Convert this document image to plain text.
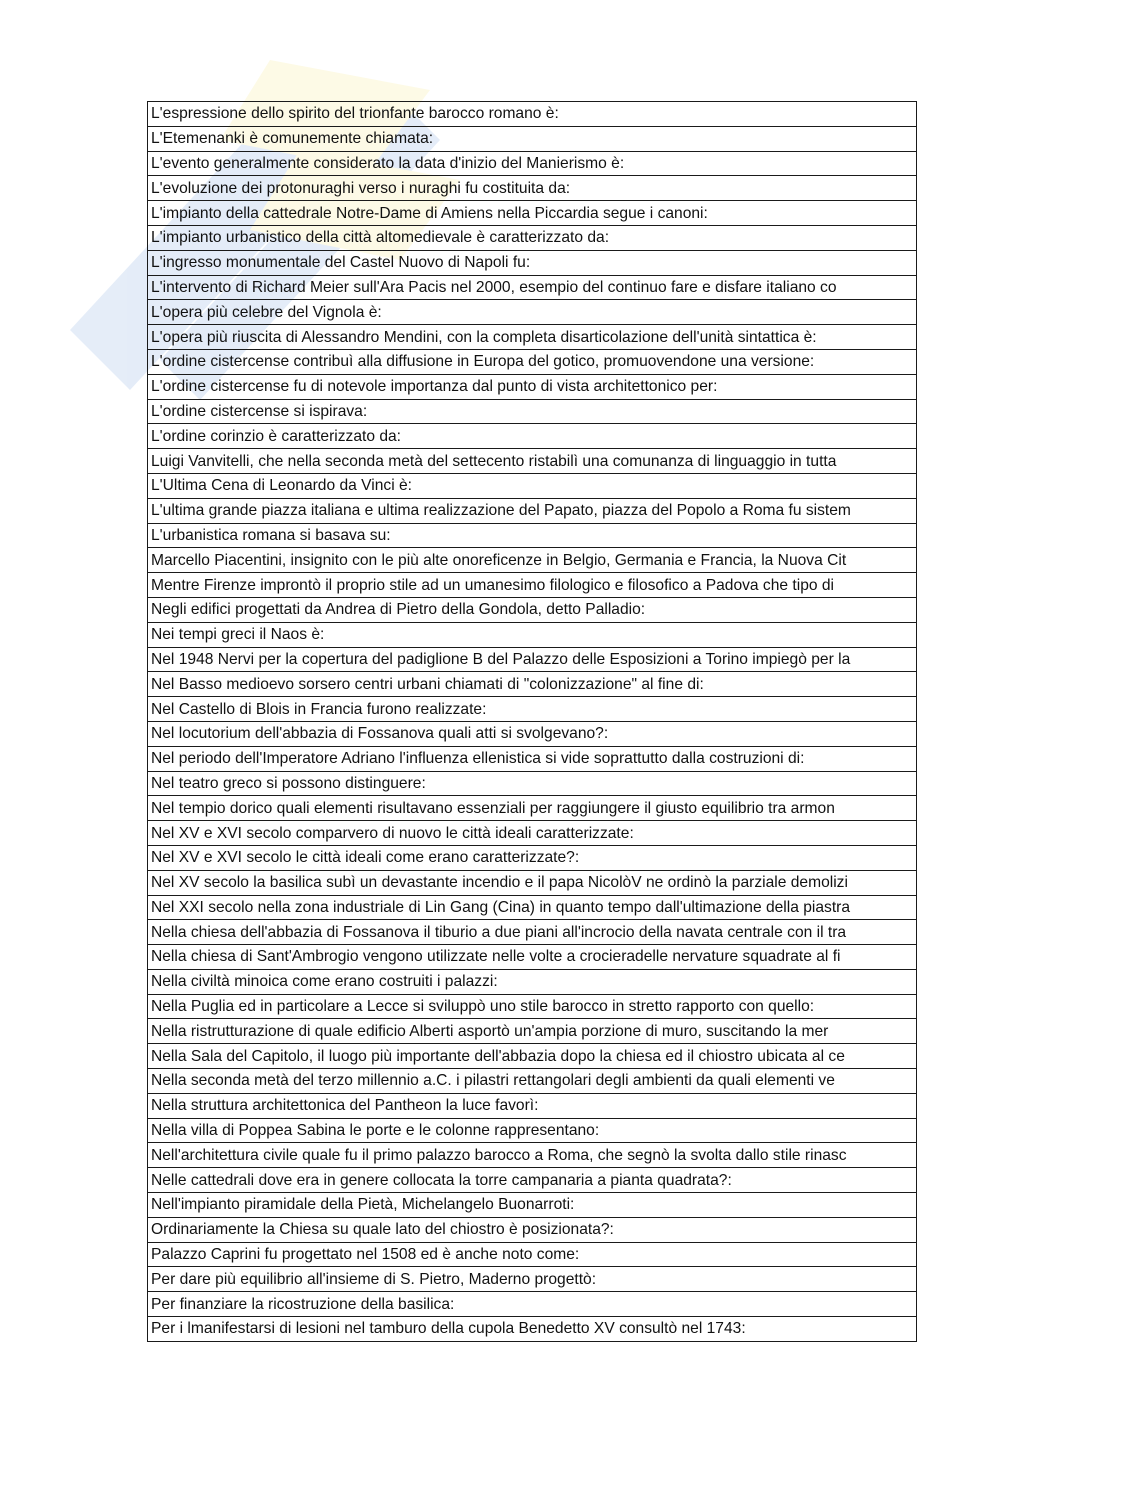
L'espressione dello spirito del trionfante barocco romano è:
L'Etemenanki è comunemente chiamata:
L'evento generalmente considerato la data d'inizio del Manierismo è:
L'evoluzione dei protonuraghi verso i nuraghi fu costituita da:
L'impianto della cattedrale Notre-Dame di Amiens nella Piccardia segue i canoni:
L'impianto urbanistico della città altomedievale è caratterizzato da:
L'ingresso monumentale del Castel Nuovo di Napoli fu:
L'intervento di Richard Meier sull'Ara Pacis nel 2000, esempio del continuo fare e disfare italiano co
L'opera più celebre del Vignola è:
L'opera più riuscita di Alessandro Mendini, con la completa disarticolazione dell'unità sintattica è:
L'ordine cistercense contribuì alla diffusione in Europa del gotico, promuovendone una versione:
L'ordine cistercense fu di notevole importanza dal punto di vista architettonico per:
L'ordine cistercense si ispirava:
L'ordine corinzio è caratterizzato da:
Luigi Vanvitelli, che nella seconda metà del settecento ristabilì una comunanza di linguaggio in tutta
L'Ultima Cena di Leonardo da Vinci è:
L'ultima grande piazza italiana e ultima realizzazione del Papato, piazza del Popolo a Roma fu sistem
L'urbanistica romana si basava su:
Marcello Piacentini, insignito con le più alte onoreficenze in Belgio, Germania e Francia, la Nuova Cit
Mentre Firenze improntò il proprio stile ad un umanesimo filologico e filosofico a Padova che tipo di
Negli edifici progettati da Andrea di Pietro della Gondola, detto Palladio:
Nei tempi greci il Naos è:
Nel 1948 Nervi per la copertura del padiglione B del Palazzo delle Esposizioni a Torino impiegò per la
Nel Basso medioevo sorsero centri urbani chiamati di "colonizzazione" al fine di:
Nel Castello di Blois in Francia furono realizzate:
Nel locutorium dell'abbazia di Fossanova quali atti si svolgevano?:
Nel periodo dell'Imperatore Adriano l'influenza ellenistica si vide soprattutto dalla costruzioni di:
Nel teatro greco si possono distinguere:
Nel tempio dorico quali elementi risultavano essenziali per raggiungere il giusto equilibrio tra armon
Nel XV e XVI secolo comparvero di nuovo le città ideali caratterizzate:
Nel XV e XVI secolo le città ideali come erano caratterizzate?:
Nel XV secolo la basilica subì un devastante incendio e il papa NicolòV ne ordinò la parziale demolizi
Nel XXI secolo nella zona industriale di Lin Gang (Cina) in quanto tempo dall'ultimazione della piastra
Nella chiesa dell'abbazia di Fossanova il tiburio a due piani all'incrocio della navata centrale con il tra
Nella chiesa di Sant'Ambrogio vengono utilizzate nelle volte a crocieradelle nervature squadrate al fi
Nella civiltà minoica come erano costruiti i palazzi:
Nella Puglia ed in particolare a Lecce si sviluppò uno stile barocco in stretto rapporto con quello:
Nella ristrutturazione di quale edificio Alberti asportò un'ampia porzione di muro, suscitando la mer
Nella Sala del Capitolo, il luogo più importante dell'abbazia dopo la chiesa ed il chiostro ubicata al ce
Nella seconda metà del terzo millennio a.C. i pilastri rettangolari degli ambienti da quali elementi ve
Nella struttura architettonica del Pantheon la luce favorì:
Nella villa di Poppea Sabina le porte e le colonne rappresentano:
Nell'architettura civile quale fu il primo palazzo barocco a Roma, che segnò la svolta dallo stile rinasc
Nelle cattedrali dove era in genere collocata la torre campanaria a pianta quadrata?:
Nell'impianto piramidale della Pietà, Michelangelo Buonarroti:
Ordinariamente la Chiesa su quale lato del chiostro è posizionata?:
Palazzo Caprini fu progettato nel 1508 ed è anche noto come:
Per dare più equilibrio all'insieme di S. Pietro, Maderno progettò:
Per finanziare la ricostruzione della basilica:
Per i lmanifestarsi di lesioni nel tamburo della cupola Benedetto XV consultò nel 1743:
